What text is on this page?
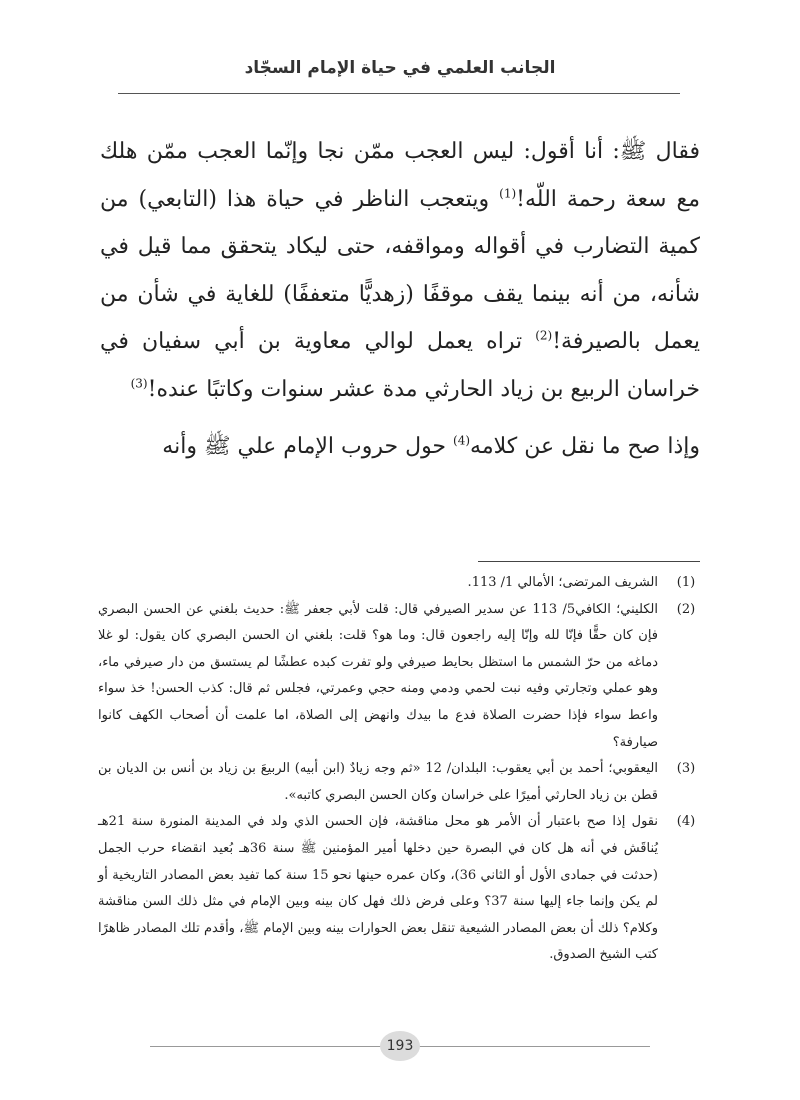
الجانب العلمي في حياة الإمام السجّاد

فقال ﷺ: أنا أقول: ليس العجب ممّن نجا وإنّما العجب ممّن هلك مع سعة رحمة اللّه!$^{(1)}$ ويتعجب الناظر في حياة هذا (التابعي) من كمية التضارب في أقواله ومواقفه، حتى ليكاد يتحقق مما قيل في شأنه، من أنه بينما يقف موقفًا (زهديًّا متعففًا) للغاية في شأن من يعمل بالصيرفة!$^{(2)}$ تراه يعمل لوالي معاوية بن أبي سفيان في خراسان الربيع بن زياد الحارثي مدة عشر سنوات وكاتبًا عنده!$^{(3)}$

وإذا صح ما نقل عن كلامه$^{(4)}$ حول حروب الإمام علي ﷺ وأنه

(1)
الشريف المرتضى؛ الأمالي 1/ 113.
(2)
الكليني؛ الكافي5/ 113 عن سدير الصيرفي قال: قلت لأبي جعفر ﷺ: حديث بلغني عن الحسن البصري فإن كان حقًّا فإنّا لله وإنّا إليه راجعون قال: وما هو؟ قلت: بلغني ان الحسن البصري كان يقول: لو غلا دماغه من حرّ الشمس ما استظل بحايط صيرفي ولو تفرت كبده عطشًا لم يستسق من دار صيرفي ماء، وهو عملي وتجارتي وفيه نبت لحمي ودمي ومنه حجي وعمرتي، فجلس ثم قال: كذب الحسن! خذ سواء واعط سواء فإذا حضرت الصلاة فدع ما بيدك وانهض إلى الصلاة، اما علمت أن أصحاب الكهف كانوا صيارفة؟
(3)
اليعقوبي؛ أحمد بن أبي يعقوب: البلدان/ 12 «ثم وجه زيادٌ (ابن أبيه) الربيعَ بن زياد بن أنس بن الديان بن قطن بن زياد الحارثي أميرًا على خراسان وكان الحسن البصري كاتبه».
(4)
نقول إذا صح باعتبار أن الأمر هو محل مناقشة، فإن الحسن الذي ولد في المدينة المنورة سنة 21هـ يُناقَش في أنه هل كان في البصرة حين دخلها أمير المؤمنين ﷺ سنة 36هـ بُعيد انقضاء حرب الجمل (حدثت في جمادى الأول أو الثاني 36)، وكان عمره حينها نحو 15 سنة كما تفيد بعض المصادر التاريخية أو لم يكن وإنما جاء إليها سنة 37؟ وعلى فرض ذلك فهل كان بينه وبين الإمام في مثل ذلك السن مناقشة وكلام؟ ذلك أن بعض المصادر الشيعية تنقل بعض الحوارات بينه وبين الإمام ﷺ، وأقدم تلك المصادر ظاهرًا كتب الشيخ الصدوق.
193
